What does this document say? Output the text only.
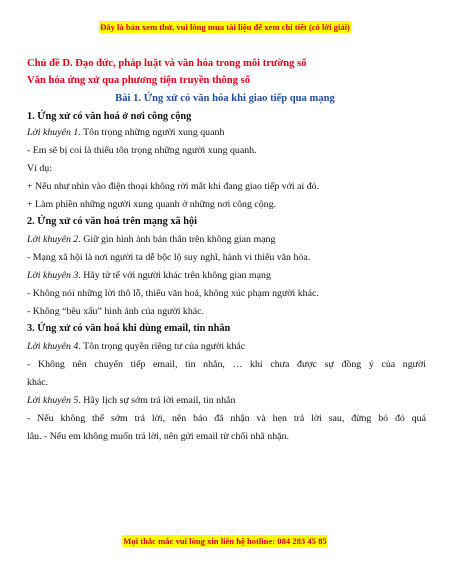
Đây là bản xem thử, vui lòng mua tài liệu để xem chi tiết (có lời giải)
Chủ đề D. Đạo đức, pháp luật và văn hóa trong môi trường số
Văn hóa ứng xử qua phương tiện truyền thông số
Bài 1. Ứng xử có văn hóa khi giao tiếp qua mạng
1. Ứng xử có văn hoá ở nơi công cộng
Lời khuyên 1. Tôn trọng những người xung quanh
- Em sẽ bị coi là thiếu tôn trọng những người xung quanh.
Ví dụ:
+ Nếu như nhìn vào điện thoại không rời mắt khi đang giao tiếp với ai đó.
+ Làm phiền những người xung quanh ở những nơi công cộng.
2. Ứng xử có văn hoá trên mạng xã hội
Lời khuyên 2. Giữ gìn hình ảnh bản thân trên không gian mạng
- Mạng xã hội là nơi người ta dễ bộc lộ suy nghĩ, hành vi thiếu văn hóa.
Lời khuyên 3. Hãy tử tế với người khác trên không gian mạng
- Không nói những lời thô lỗ, thiếu văn hoá, không xúc phạm người khác.
- Không “bêu xấu” hình ảnh của người khác.
3. Ứng xử có văn hoá khi dùng email, tin nhắn
Lời khuyên 4. Tôn trọng quyền riêng tư của người khác
- Không nên chuyển tiếp email, tin nhắn, … khi chưa được sự đồng ý của người
khác.
Lời khuyên 5. Hãy lịch sự sớm trả lời email, tin nhắn
- Nếu không thể sớm trả lời, nên báo đã nhận và hẹn trả lời sau, đừng bỏ đó quá
lâu. - Nếu em không muốn trả lời, nên gửi email từ chối nhã nhặn.
Mọi thắc mắc vui lòng xin liên hệ hotline: 084 283 45 85
